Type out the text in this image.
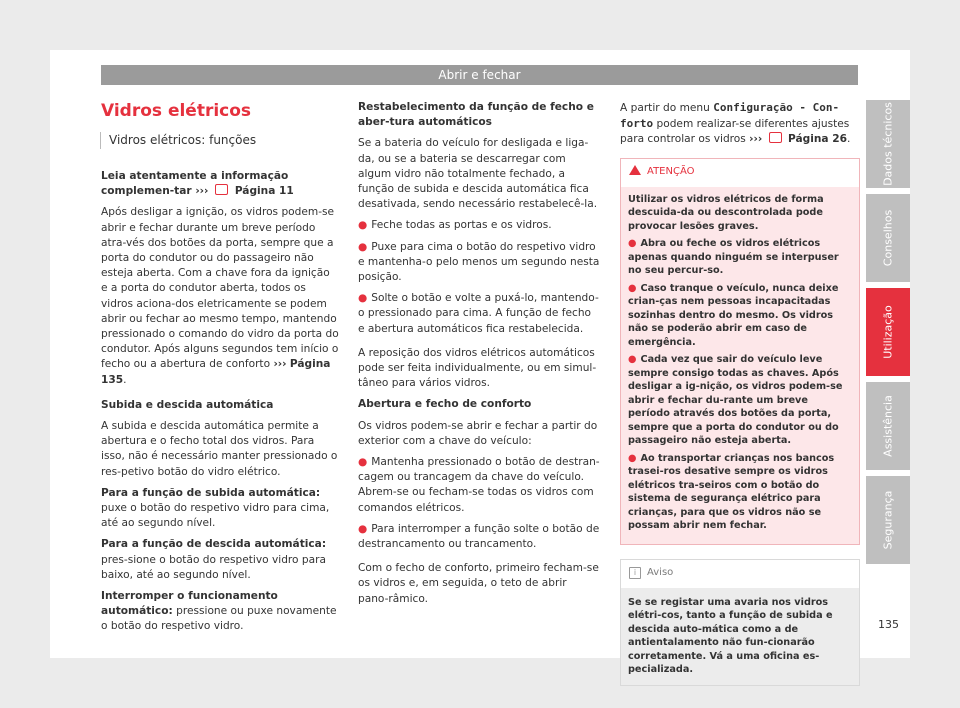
Abrir e fechar
Vidros elétricos
Vidros elétricos: funções

Leia atentamente a informação complemen-tar ››› Página 11

Após desligar a ignição, os vidros podem-se abrir e fechar durante um breve período atra-vés dos botões da porta, sempre que a porta do condutor ou do passageiro não esteja aberta. Com a chave fora da ignição e a porta do condutor aberta, todos os vidros aciona-dos eletricamente se podem abrir ou fechar ao mesmo tempo, mantendo pressionado o comando do vidro da porta do condutor. Após alguns segundos tem início o fecho ou a abertura de conforto ››› Página 135.

Subida e descida automática

A subida e descida automática permite a abertura e o fecho total dos vidros. Para isso, não é necessário manter pressionado o res-petivo botão do vidro elétrico.

Para a função de subida automática: puxe o botão do respetivo vidro para cima, até ao segundo nível.

Para a função de descida automática: pres-sione o botão do respetivo vidro para baixo, até ao segundo nível.

Interromper o funcionamento automático: pressione ou puxe novamente o botão do respetivo vidro.

Restabelecimento da função de fecho e aber-tura automáticos

Se a bateria do veículo for desligada e liga-da, ou se a bateria se descarregar com algum vidro não totalmente fechado, a função de subida e descida automática fica desativada, sendo necessário restabelecê-la.

● Feche todas as portas e os vidros.

● Puxe para cima o botão do respetivo vidro e mantenha-o pelo menos um segundo nesta posição.

● Solte o botão e volte a puxá-lo, mantendo-o pressionado para cima. A função de fecho e abertura automáticos fica restabelecida.

A reposição dos vidros elétricos automáticos pode ser feita individualmente, ou em simul-tâneo para vários vidros.

Abertura e fecho de conforto

Os vidros podem-se abrir e fechar a partir do exterior com a chave do veículo:

● Mantenha pressionado o botão de destran-cagem ou trancagem da chave do veículo. Abrem-se ou fecham-se todas os vidros com comandos elétricos.

● Para interromper a função solte o botão de destrancamento ou trancamento.

Com o fecho de conforto, primeiro fecham-se os vidros e, em seguida, o teto de abrir pano-râmico.

A partir do menu Configuração - Con-forto podem realizar-se diferentes ajustes para controlar os vidros ››› Página 26.

ATENÇÃO

Utilizar os vidros elétricos de forma descuida-da ou descontrolada pode provocar lesões graves.

● Abra ou feche os vidros elétricos apenas quando ninguém se interpuser no seu percur-so.

● Caso tranque o veículo, nunca deixe crian-ças nem pessoas incapacitadas sozinhas dentro do mesmo. Os vidros não se poderão abrir em caso de emergência.

● Cada vez que sair do veículo leve sempre consigo todas as chaves. Após desligar a ig-nição, os vidros podem-se abrir e fechar du-rante um breve período através dos botões da porta, sempre que a porta do condutor ou do passageiro não esteja aberta.

● Ao transportar crianças nos bancos trasei-ros desative sempre os vidros elétricos tra-seiros com o botão do sistema de segurança elétrico para crianças, para que os vidros não se possam abrir nem fechar.

i Aviso
Se se registar uma avaria nos vidros elétri-cos, tanto a função de subida e descida auto-mática como a de antientalamento não fun-cionarão corretamente. Vá a uma oficina es-pecializada.
Dados técnicos
Conselhos
Utilização
Assistência
Segurança
135
